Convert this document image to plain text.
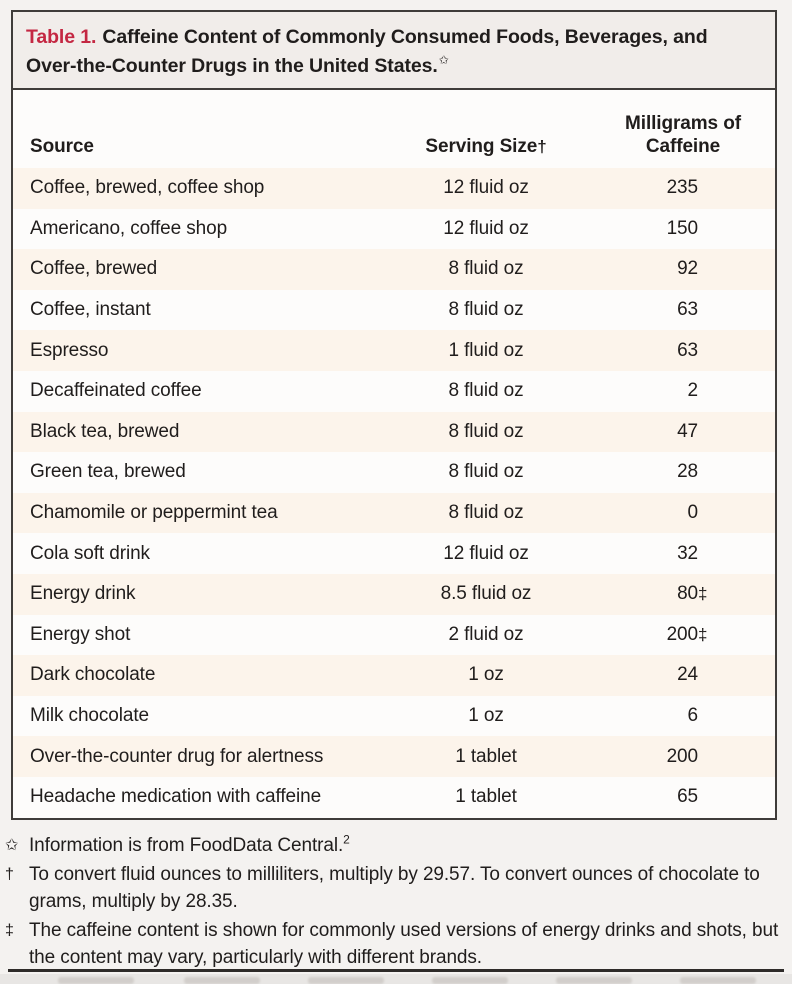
Table 1. Caffeine Content of Commonly Consumed Foods, Beverages, and
Over-the-Counter Drugs in the United States.✩
Source	Serving Size†
Milligrams of
Caffeine
Coffee, brewed, coffee shop	12 fluid oz	235
Americano, coffee shop	12 fluid oz	150
Coffee, brewed	8 fluid oz	92
Coffee, instant	8 fluid oz	63
Espresso	1 fluid oz	63
Decaffeinated coffee	8 fluid oz	2
Black tea, brewed	8 fluid oz	47
Green tea, brewed	8 fluid oz	28
Chamomile or peppermint tea	8 fluid oz	0
Cola soft drink	12 fluid oz	32
Energy drink	8.5 fluid oz	80‡
Energy shot	2 fluid oz	200‡
Dark chocolate	1 oz	24
Milk chocolate	1 oz	6
Over-the-counter drug for alertness	1 tablet	200
Headache medication with caffeine	1 tablet	65
✩ Information is from FoodData Central.$^2$
† To convert fluid ounces to milliliters, multiply by 29.57. To convert ounces of chocolate to grams, multiply by 28.35.
‡ The caffeine content is shown for commonly used versions of energy drinks and shots, but the content may vary, particularly with different brands.
